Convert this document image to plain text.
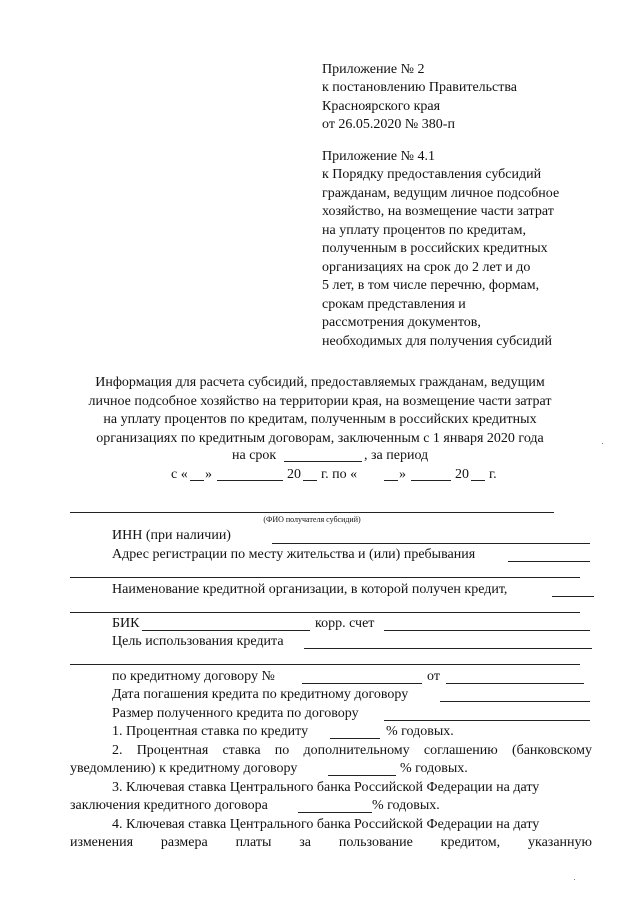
Приложение № 2
к постановлению Правительства
Красноярского края
от 26.05.2020 № 380-п
Приложение № 4.1
к Порядку предоставления субсидий
гражданам, ведущим личное подсобное
хозяйство, на возмещение части затрат
на уплату процентов по кредитам,
полученным в российских кредитных
организациях на срок до 2 лет и до
5 лет, в том числе перечню, формам,
срокам представления и
рассмотрения документов,
необходимых для получения субсидий
Информация для расчета субсидий, предоставляемых гражданам, ведущим
личное подсобное хозяйство на территории края, на возмещение части затрат
на уплату процентов по кредитам, полученным в российских кредитных
организациях по кредитным договорам, заключенным с 1 января 2020 года
на срок	, за период
с « »	20 г. по «	»	20 г.
(ФИО получателя субсидий)
ИНН (при наличии)
Адрес регистрации по месту жительства и (или) пребывания
Наименование кредитной организации, в которой получен кредит,
БИК	корр. счет
Цель использования кредита
по кредитному договору №	от
Дата погашения кредита по кредитному договору
Размер полученного кредита по договору
1. Процентная ставка по кредиту	% годовых.
2. Процентная ставка по дополнительному соглашению (банковскому
уведомлению) к кредитному договору	% годовых.
3. Ключевая ставка Центрального банка Российской Федерации на дату
заключения кредитного договора	% годовых.
4. Ключевая ставка Центрального банка Российской Федерации на дату
изменения размера платы за пользование кредитом, указанную
